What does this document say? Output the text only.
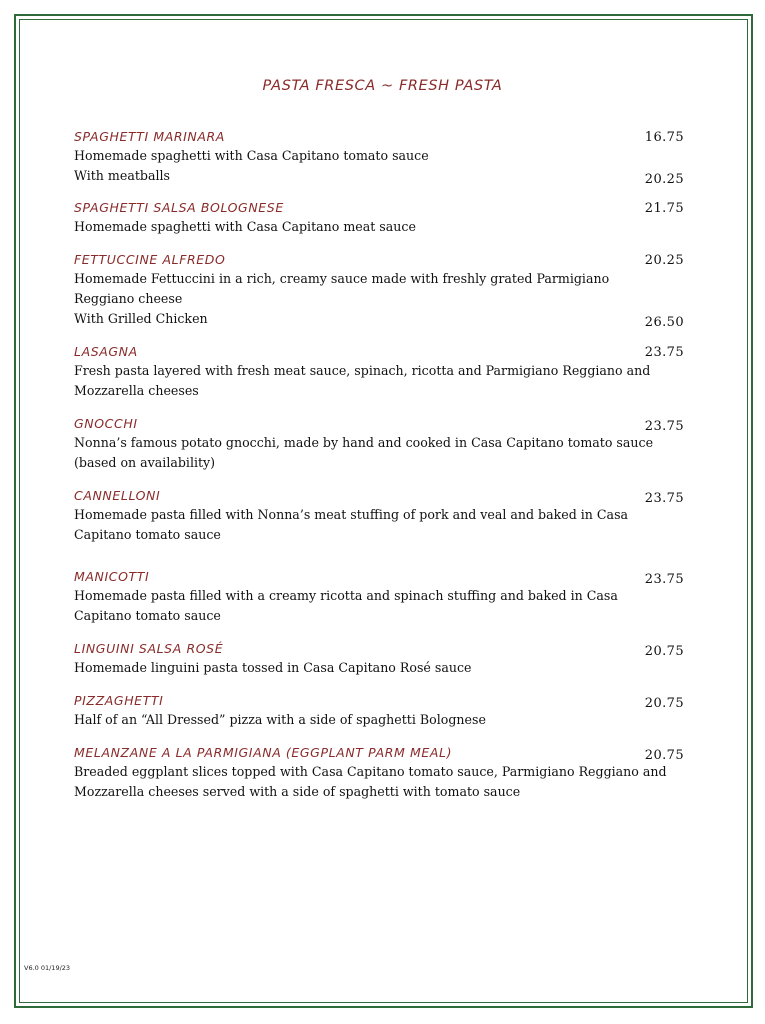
PASTA FRESCA ~ FRESH PASTA
16.75
SPAGHETTI MARINARA
Homemade spaghetti with Casa Capitano tomato sauce
With meatballs	20.25
21.75
SPAGHETTI SALSA BOLOGNESE
Homemade spaghetti with Casa Capitano meat sauce
20.25
FETTUCCINE ALFREDO
Homemade Fettuccini in a rich, creamy sauce made with freshly grated Parmigiano Reggiano cheese
With Grilled Chicken	26.50
23.75
LASAGNA
Fresh pasta layered with fresh meat sauce, spinach, ricotta and Parmigiano Reggiano and Mozzarella cheeses
23.75
GNOCCHI
Nonna’s famous potato gnocchi, made by hand and cooked in Casa Capitano tomato sauce (based on availability)
23.75
CANNELLONI
Homemade pasta filled with Nonna’s meat stuffing of pork and veal and baked in Casa Capitano tomato sauce
23.75
MANICOTTI
Homemade pasta filled with a creamy ricotta and spinach stuffing and baked in Casa Capitano tomato sauce
20.75
LINGUINI SALSA ROSÉ
Homemade linguini pasta tossed in Casa Capitano Rosé sauce
20.75
PIZZAGHETTI
Half of an “All Dressed” pizza with a side of spaghetti Bolognese
20.75
MELANZANE A LA PARMIGIANA (EGGPLANT PARM MEAL)
Breaded eggplant slices topped with Casa Capitano tomato sauce, Parmigiano Reggiano and Mozzarella cheeses served with a side of spaghetti with tomato sauce
V6.0 01/19/23
